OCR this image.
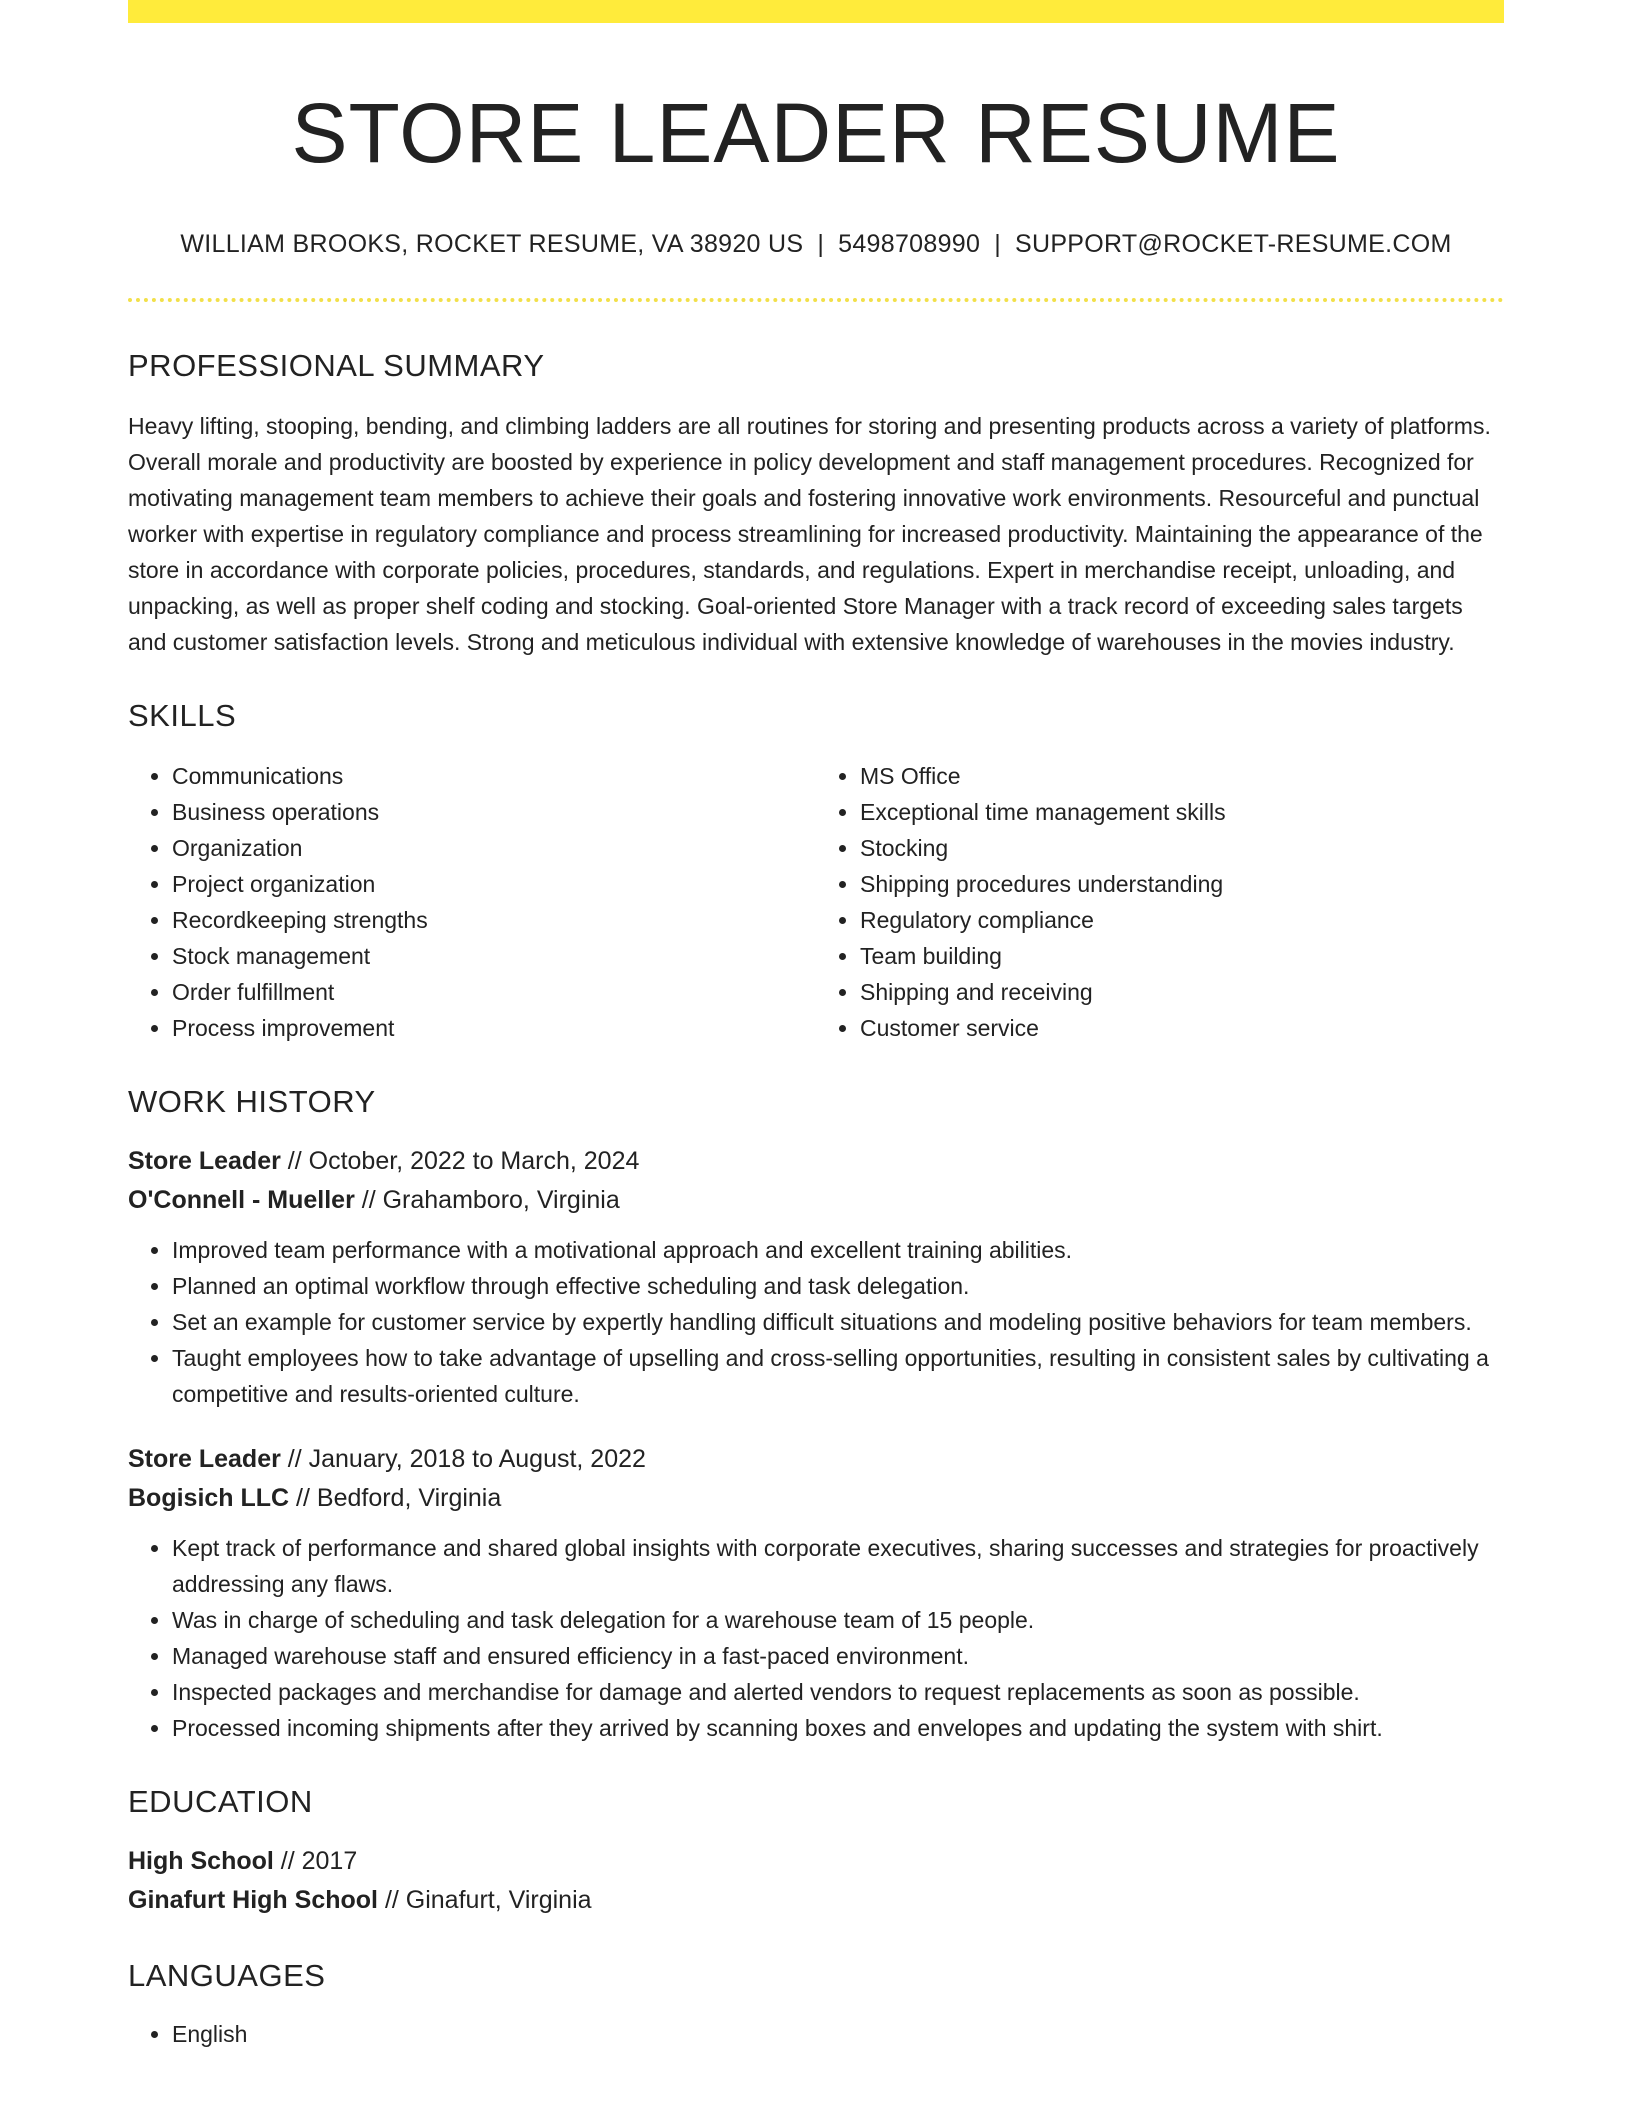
STORE LEADER RESUME
WILLIAM BROOKS, ROCKET RESUME, VA 38920 US | 5498708990 | SUPPORT@ROCKET-RESUME.COM
PROFESSIONAL SUMMARY

Heavy lifting, stooping, bending, and climbing ladders are all routines for storing and presenting products across a variety of platforms. Overall morale and productivity are boosted by experience in policy development and staff management procedures. Recognized for motivating management team members to achieve their goals and fostering innovative work environments. Resourceful and punctual worker with expertise in regulatory compliance and process streamlining for increased productivity. Maintaining the appearance of the store in accordance with corporate policies, procedures, standards, and regulations. Expert in merchandise receipt, unloading, and unpacking, as well as proper shelf coding and stocking. Goal-oriented Store Manager with a track record of exceeding sales targets and customer satisfaction levels. Strong and meticulous individual with extensive knowledge of warehouses in the movies industry.

SKILLS
• Communications
• Business operations
• Organization
• Project organization
• Recordkeeping strengths
• Stock management
• Order fulfillment
• Process improvement
• MS Office
• Exceptional time management skills
• Stocking
• Shipping procedures understanding
• Regulatory compliance
• Team building
• Shipping and receiving
• Customer service
WORK HISTORY
Store Leader // October, 2022 to March, 2024
O'Connell - Mueller // Grahamboro, Virginia
• Improved team performance with a motivational approach and excellent training abilities.
• Planned an optimal workflow through effective scheduling and task delegation.
• Set an example for customer service by expertly handling difficult situations and modeling positive behaviors for team members.
• Taught employees how to take advantage of upselling and cross-selling opportunities, resulting in consistent sales by cultivating a competitive and results-oriented culture.
Store Leader // January, 2018 to August, 2022
Bogisich LLC // Bedford, Virginia
• Kept track of performance and shared global insights with corporate executives, sharing successes and strategies for proactively addressing any flaws.
• Was in charge of scheduling and task delegation for a warehouse team of 15 people.
• Managed warehouse staff and ensured efficiency in a fast-paced environment.
• Inspected packages and merchandise for damage and alerted vendors to request replacements as soon as possible.
• Processed incoming shipments after they arrived by scanning boxes and envelopes and updating the system with shirt.
EDUCATION
High School // 2017
Ginafurt High School // Ginafurt, Virginia
LANGUAGES
• English
